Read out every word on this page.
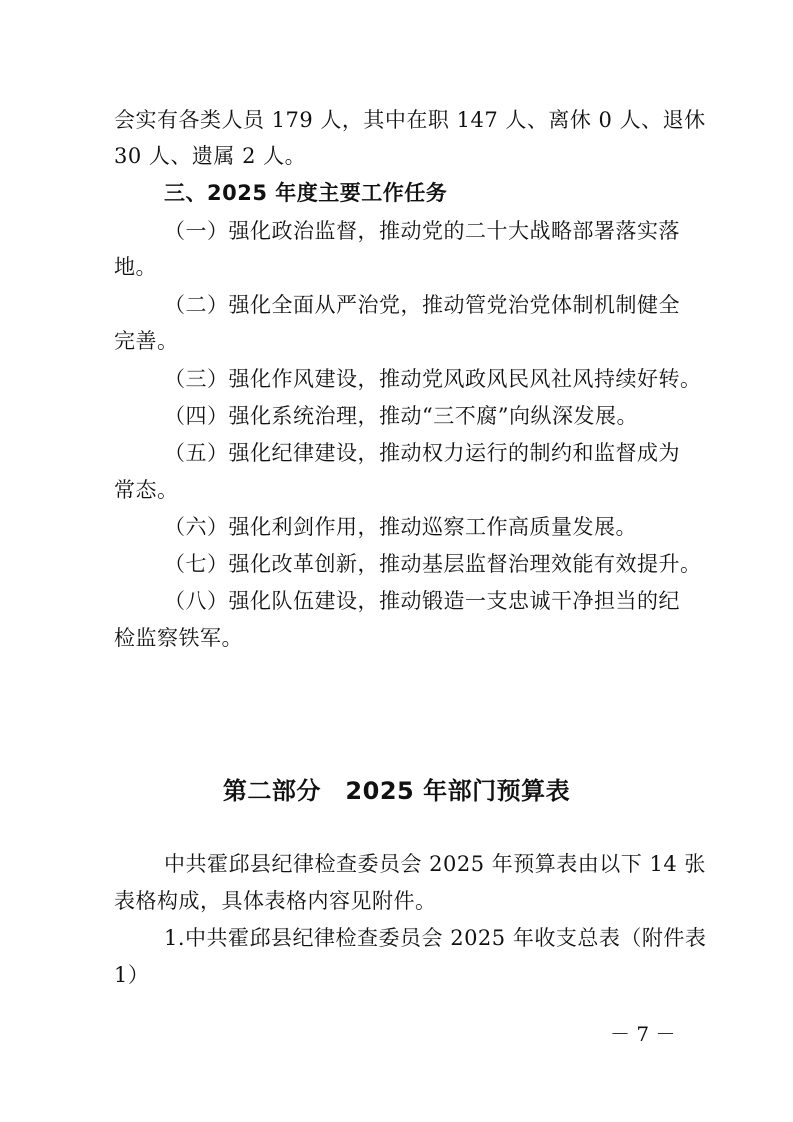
会实有各类人员 179 人，其中在职 147 人、离休 0 人、退休
30 人、遗属 2 人。
三、2025 年度主要工作任务
（一）强化政治监督，推动党的二十大战略部署落实落
地。
（二）强化全面从严治党，推动管党治党体制机制健全
完善。
（三）强化作风建设，推动党风政风民风社风持续好转。
（四）强化系统治理，推动“三不腐”向纵深发展。
（五）强化纪律建设，推动权力运行的制约和监督成为
常态。
（六）强化利剑作用，推动巡察工作高质量发展。
（七）强化改革创新，推动基层监督治理效能有效提升。
（八）强化队伍建设，推动锻造一支忠诚干净担当的纪
检监察铁军。
第二部分　2025 年部门预算表
中共霍邱县纪律检查委员会 2025 年预算表由以下 14 张
表格构成，具体表格内容见附件。
1.中共霍邱县纪律检查委员会 2025 年收支总表（附件表
1）
－ 7 －
